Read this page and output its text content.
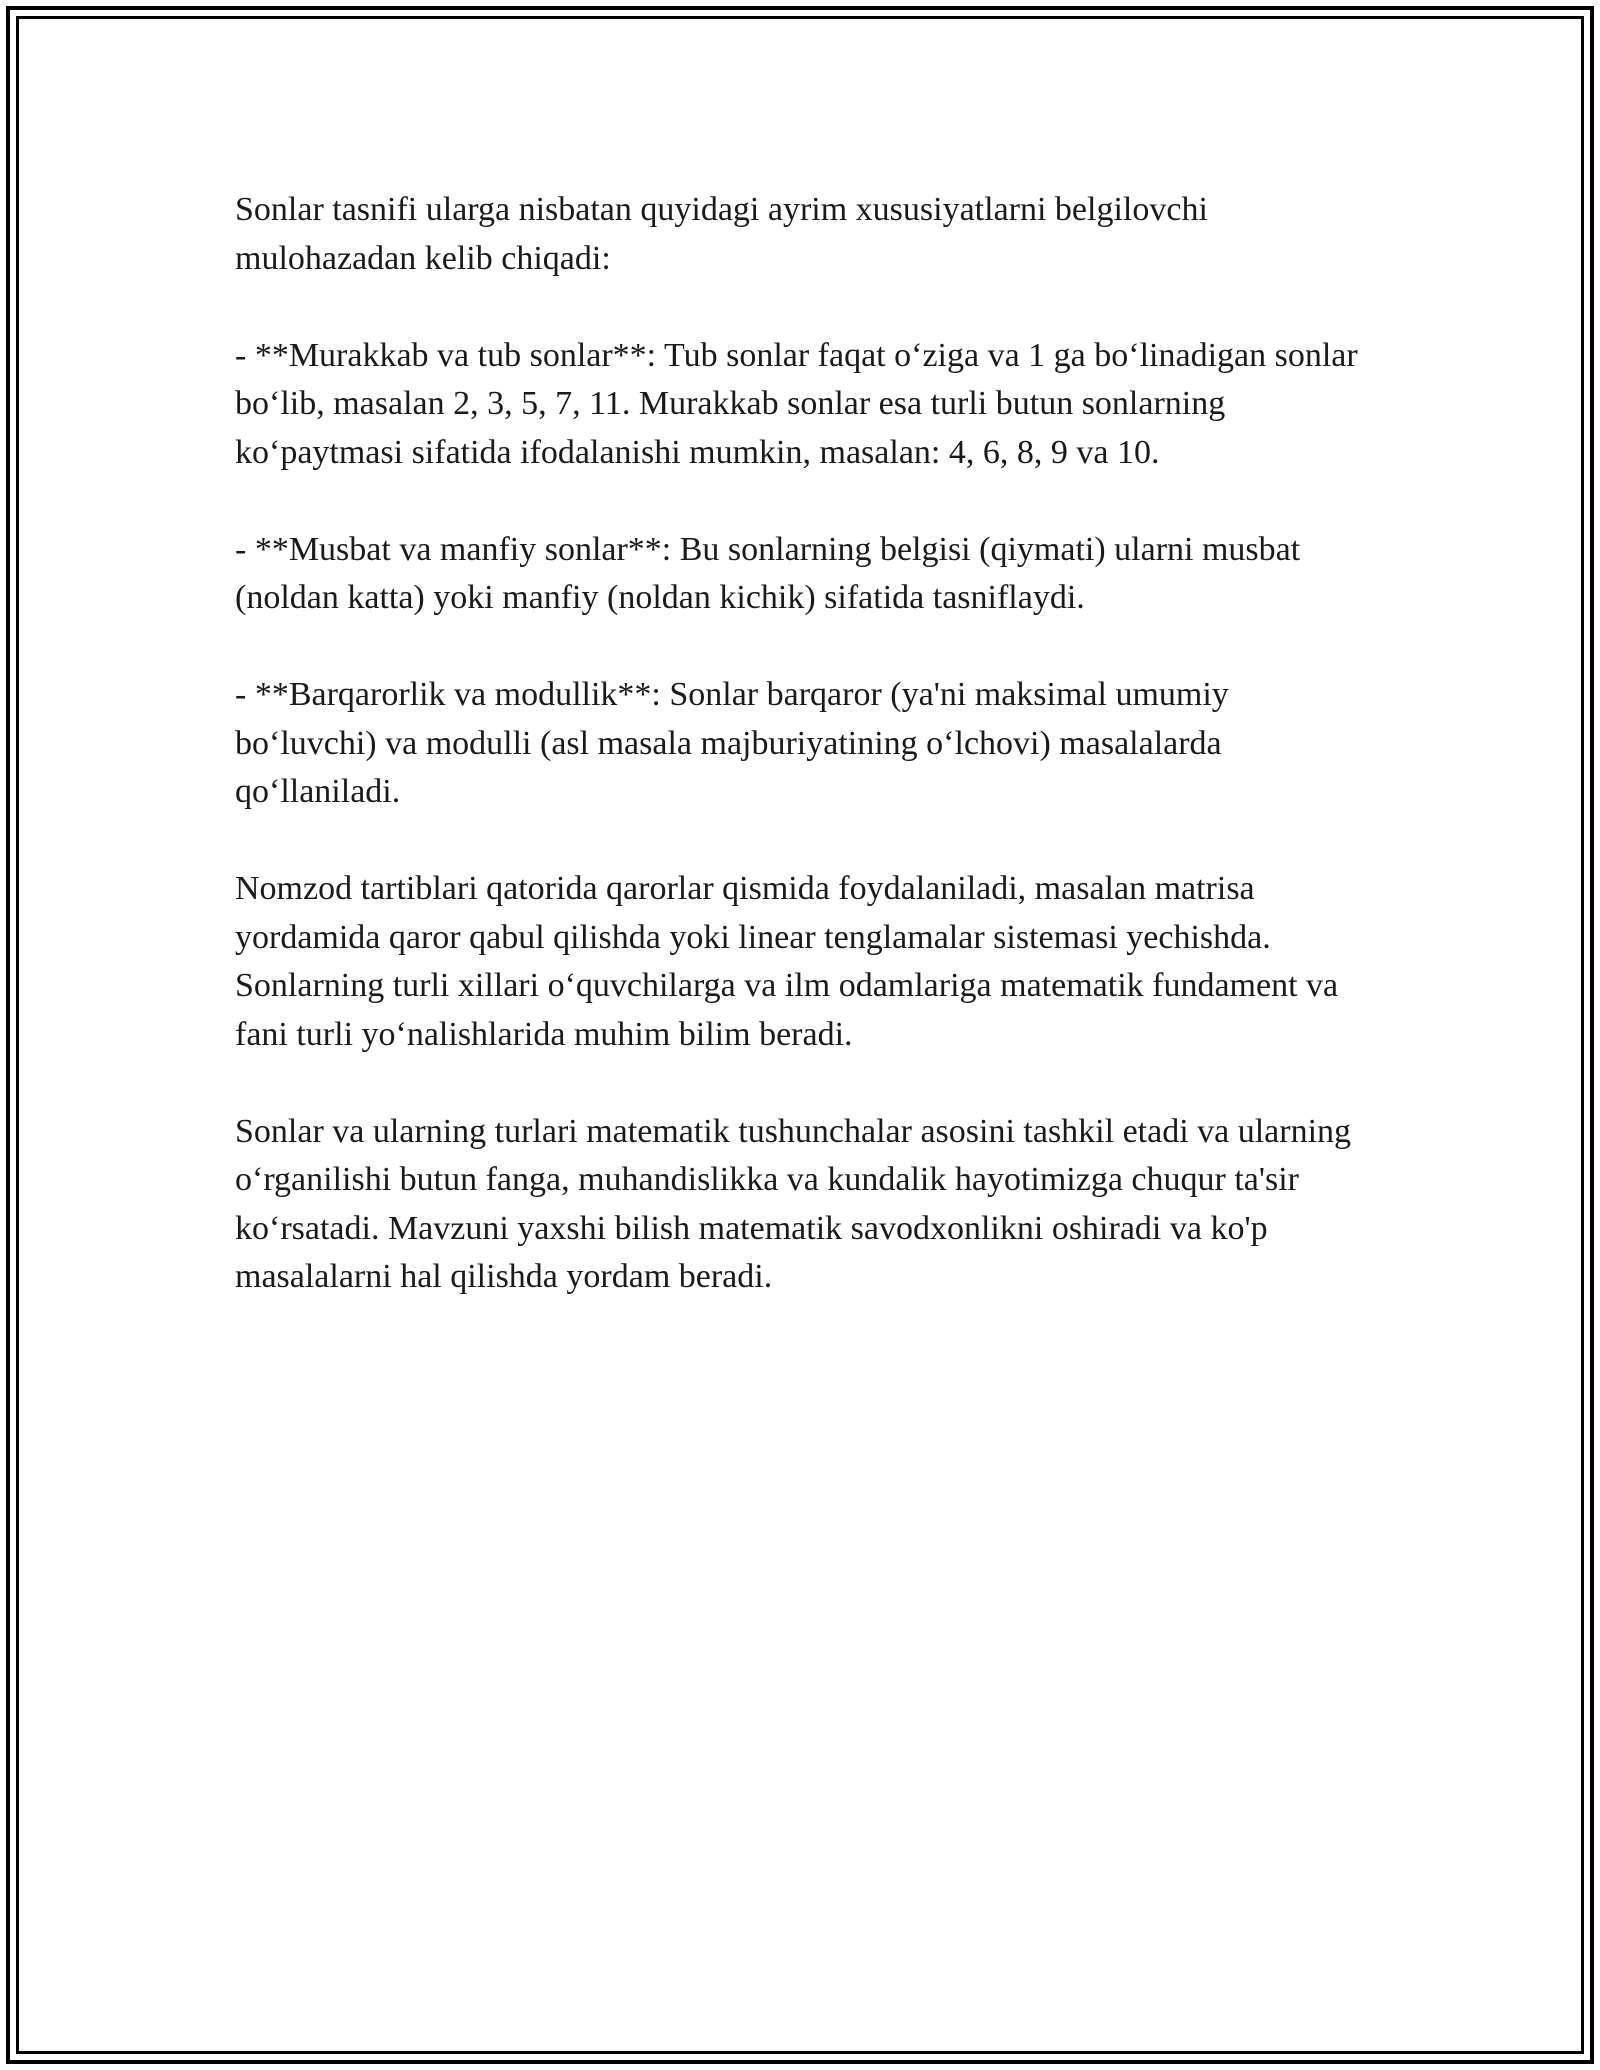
Sonlar tasnifi ularga nisbatan quyidagi ayrim xususiyatlarni belgilovchi mulohazadan kelib chiqadi:

- **Murakkab va tub sonlar**: Tub sonlar faqat o‘ziga va 1 ga bo‘linadigan sonlar bo‘lib, masalan 2, 3, 5, 7, 11. Murakkab sonlar esa turli butun sonlarning ko‘paytmasi sifatida ifodalanishi mumkin, masalan: 4, 6, 8, 9 va 10.

- **Musbat va manfiy sonlar**: Bu sonlarning belgisi (qiymati) ularni musbat (noldan katta) yoki manfiy (noldan kichik) sifatida tasniflaydi.

- **Barqarorlik va modullik**: Sonlar barqaror (ya'ni maksimal umumiy bo‘luvchi) va modulli (asl masala majburiyatining o‘lchovi) masalalarda qo‘llaniladi.

Nomzod tartiblari qatorida qarorlar qismida foydalaniladi, masalan matrisa yordamida qaror qabul qilishda yoki linear tenglamalar sistemasi yechishda. Sonlarning turli xillari o‘quvchilarga va ilm odamlariga matematik fundament va fani turli yo‘nalishlarida muhim bilim beradi.

Sonlar va ularning turlari matematik tushunchalar asosini tashkil etadi va ularning o‘rganilishi butun fanga, muhandislikka va kundalik hayotimizga chuqur ta'sir ko‘rsatadi. Mavzuni yaxshi bilish matematik savodxonlikni oshiradi va ko'p masalalarni hal qilishda yordam beradi.
